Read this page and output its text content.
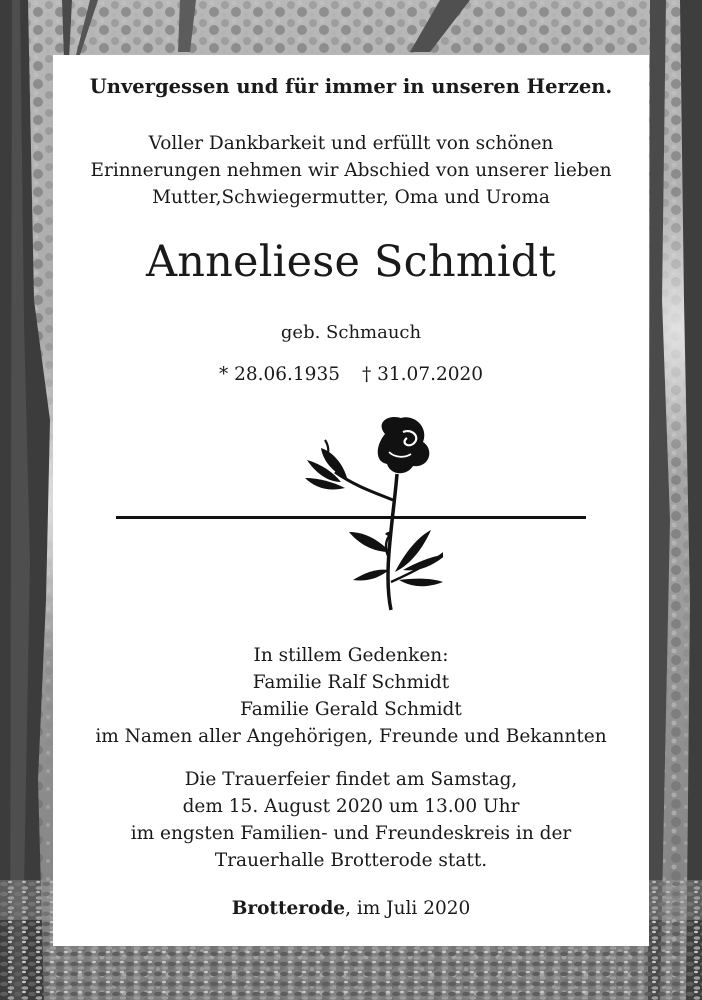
Unvergessen und für immer in unseren Herzen.

Voller Dankbarkeit und erfüllt von schönen
Erinnerungen nehmen wir Abschied von unserer lieben
Mutter,Schwiegermutter, Oma und Uroma

Anneliese Schmidt

geb. Schmauch

* 28.06.1935 † 31.07.2020

In stillem Gedenken:
Familie Ralf Schmidt
Familie Gerald Schmidt
im Namen aller Angehörigen, Freunde und Bekannten

Die Trauerfeier findet am Samstag,
dem 15. August 2020 um 13.00 Uhr
im engsten Familien- und Freundeskreis in der
Trauerhalle Brotterode statt.

Brotterode, im Juli 2020
